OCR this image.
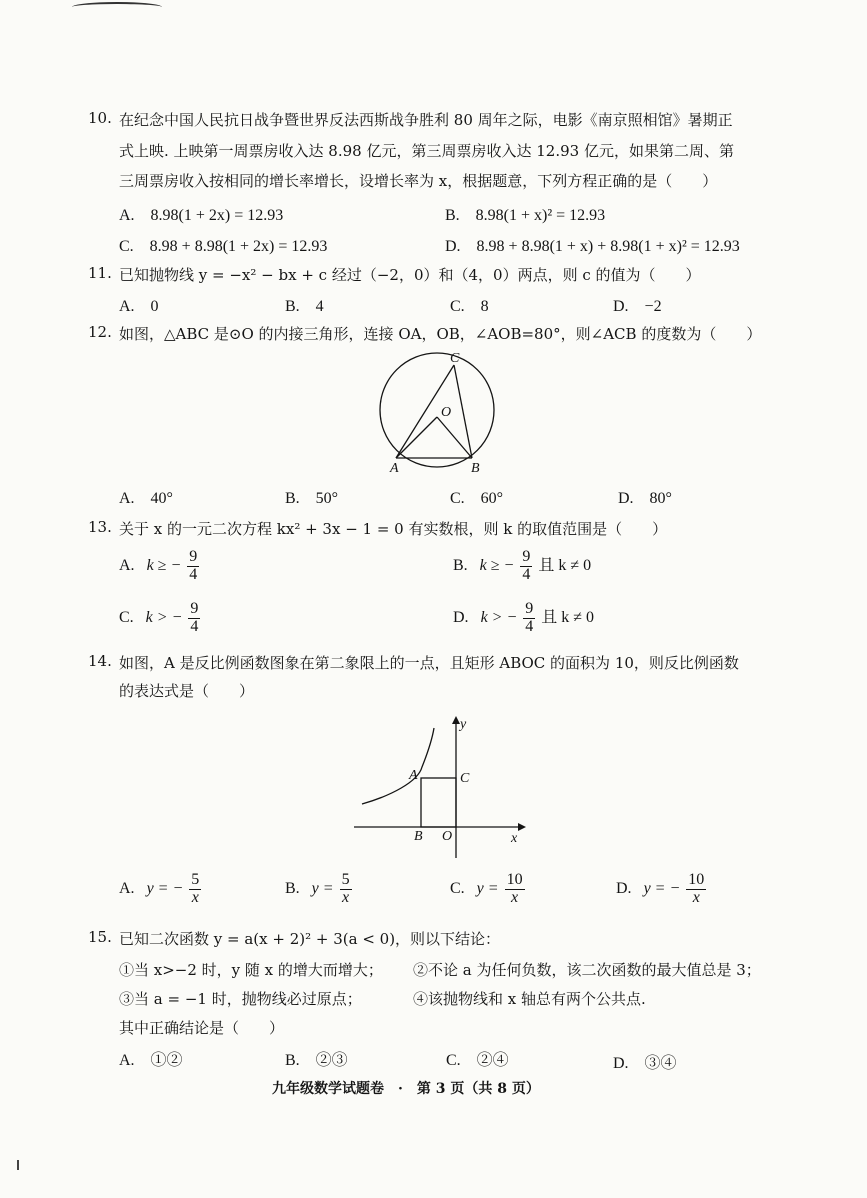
10. 在纪念中国人民抗日战争暨世界反法西斯战争胜利 80 周年之际，电影《南京照相馆》暑期正
式上映. 上映第一周票房收入达 8.98 亿元，第三周票房收入达 12.93 亿元，如果第二周、第
三周票房收入按相同的增长率增长，设增长率为 x，根据题意，下列方程正确的是（　　）
A.　8.98(1 + 2x) = 12.93	B.　8.98(1 + x)² = 12.93
C.　8.98 + 8.98(1 + 2x) = 12.93	D.　8.98 + 8.98(1 + x) + 8.98(1 + x)² = 12.93
11. 已知抛物线 y = −x² − bx + c 经过（−2，0）和（4，0）两点，则 c 的值为（　　）
A.　0	B.　4	C.　8	D.　−2
12. 如图，△ABC 是⊙O 的内接三角形，连接 OA，OB，∠AOB=80°，则∠ACB 的度数为（　　）
C
O
A	B
A.　40°	B.　50°	C.　60°	D.　80°
13. 关于 x 的一元二次方程 kx² + 3x − 1 = 0 有实数根，则 k 的取值范围是（　　）
A. k ≥ − $\frac{9}{4}$	B. k ≥ − $\frac{9}{4}$ 且 k ≠ 0
C. k > − $\frac{9}{4}$	D. k > − $\frac{9}{4}$ 且 k ≠ 0
14. 如图，A 是反比例函数图象在第二象限上的一点，且矩形 ABOC 的面积为 10，则反比例函数
的表达式是（　　）
y
x
A	C
B O
A. y = − $\frac{5}{x}$	B. $y = \frac{5}{x}$	C. $y = \frac{10}{x}$	D. y = − $\frac{10}{x}$
15. 已知二次函数 y = a(x + 2)² + 3(a < 0)，则以下结论：
①当 x>−2 时，y 随 x 的增大而增大； ②不论 a 为任何负数，该二次函数的最大值总是 3；
③当 a = −1 时，抛物线必过原点；	④该抛物线和 x 轴总有两个公共点.
其中正确结论是（　　）
A.　①②	B.　②③	C.　②④	D.　③④
九年级数学试题卷　·　第 3 页（共 8 页）
